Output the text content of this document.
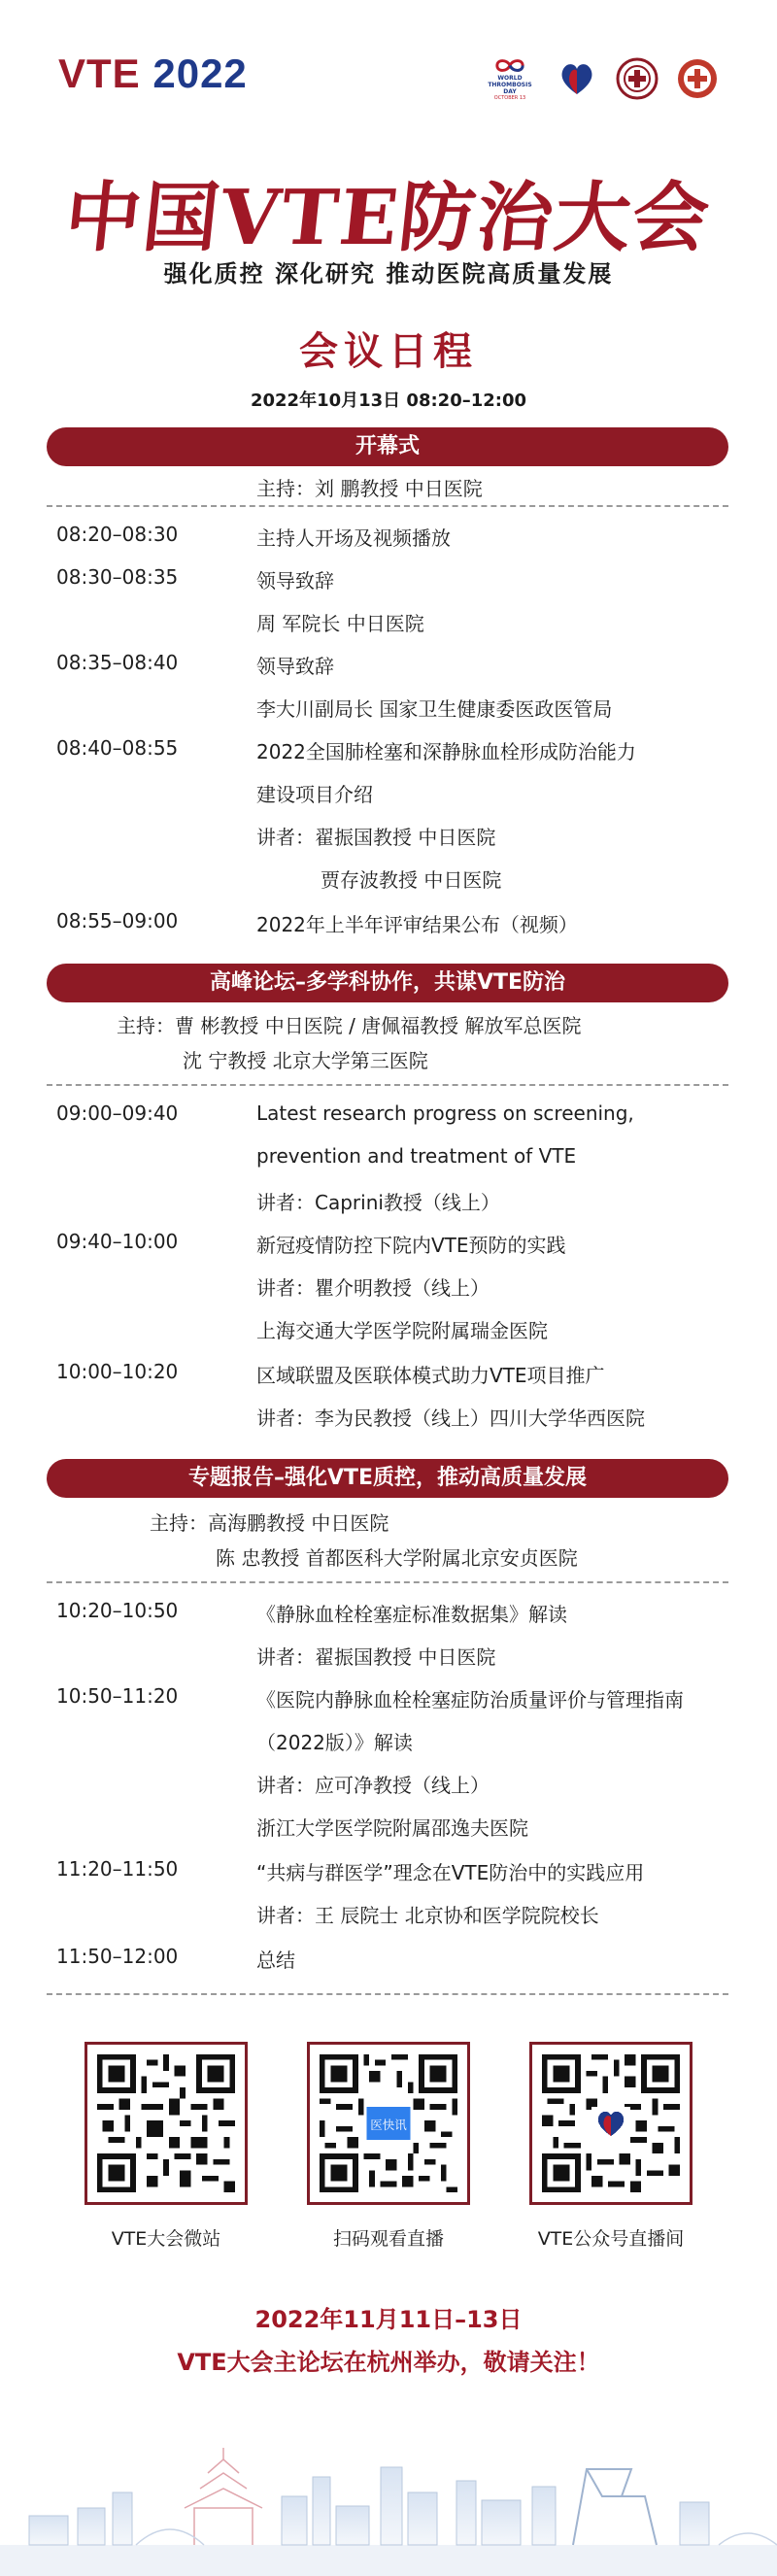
VTE 2022	WORLD THROMBOSIS DAY
OCTOBER 13
中国VTE防治大会
强化质控 深化研究 推动医院高质量发展
会议日程
2022年10月13日 08:20–12:00
开幕式
主持：刘 鹏教授 中日医院
08:20–08:30	主持人开场及视频播放
08:30–08:35	领导致辞
周 军院长 中日医院
08:35–08:40	领导致辞
李大川副局长 国家卫生健康委医政医管局
08:40–08:55	2022全国肺栓塞和深静脉血栓形成防治能力
建设项目介绍
讲者：翟振国教授 中日医院
贾存波教授 中日医院
08:55–09:00	2022年上半年评审结果公布（视频）
高峰论坛–多学科协作，共谋VTE防治
主持：曹 彬教授 中日医院 / 唐佩福教授 解放军总医院
沈 宁教授 北京大学第三医院
09:00–09:40	Latest research progress on screening,
prevention and treatment of VTE
讲者：Caprini教授（线上）
09:40–10:00	新冠疫情防控下院内VTE预防的实践
讲者：瞿介明教授（线上）
上海交通大学医学院附属瑞金医院
10:00–10:20	区域联盟及医联体模式助力VTE项目推广
讲者：李为民教授（线上）四川大学华西医院
专题报告–强化VTE质控，推动高质量发展
主持：高海鹏教授 中日医院
陈 忠教授 首都医科大学附属北京安贞医院
10:20–10:50	《静脉血栓栓塞症标准数据集》解读
讲者：翟振国教授 中日医院
10:50–11:20	《医院内静脉血栓栓塞症防治质量评价与管理指南
（2022版）》解读
讲者：应可净教授（线上）
浙江大学医学院附属邵逸夫医院
11:20–11:50	“共病与群医学”理念在VTE防治中的实践应用
讲者：王 辰院士 北京协和医学院院校长
11:50–12:00	总结
医快讯
VTE大会微站	扫码观看直播	VTE公众号直播间
2022年11月11日–13日
VTE大会主论坛在杭州举办，敬请关注！
